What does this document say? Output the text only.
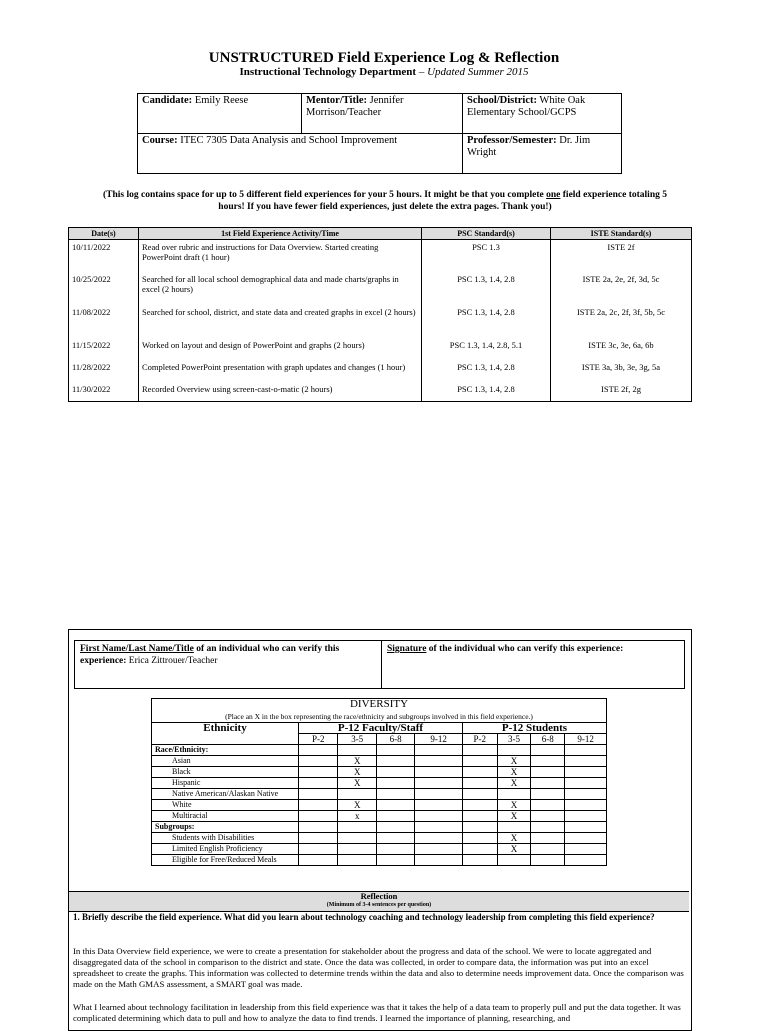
UNSTRUCTURED Field Experience Log & Reflection
Instructional Technology Department – Updated Summer 2015
Candidate: Emily Reese	Mentor/Title: Jennifer Morrison/Teacher	School/District: White Oak Elementary School/GCPS
Course: ITEC 7305 Data Analysis and School Improvement		Professor/Semester: Dr. Jim Wright
(This log contains space for up to 5 different field experiences for your 5 hours. It might be that you complete one field experience totaling 5 hours! If you have fewer field experiences, just delete the extra pages. Thank you!)
Date(s)	1st Field Experience Activity/Time	PSC Standard(s)	ISTE Standard(s)
10/11/2022	Read over rubric and instructions for Data Overview. Started creating PowerPoint draft (1 hour)	PSC 1.3	ISTE 2f
10/25/2022	Searched for all local school demographical data and made charts/graphs in excel (2 hours)	PSC 1.3, 1.4, 2.8	ISTE 2a, 2e, 2f, 3d, 5c
11/08/2022	Searched for school, district, and state data and created graphs in excel (2 hours)	PSC 1.3, 1.4, 2.8	ISTE 2a, 2c, 2f, 3f, 5b, 5c
11/15/2022	Worked on layout and design of PowerPoint and graphs (2 hours)	PSC 1.3, 1.4, 2.8, 5.1	ISTE 3c, 3e, 6a, 6b
11/28/2022	Completed PowerPoint presentation with graph updates and changes (1 hour)	PSC 1.3, 1.4, 2.8	ISTE 3a, 3b, 3e, 3g, 5a
11/30/2022	Recorded Overview using screen-cast-o-matic (2 hours)	PSC 1.3, 1.4, 2.8	ISTE 2f, 2g
First Name/Last Name/Title of an individual who can verify this experience: Erica Zittrouer/Teacher	Signature of the individual who can verify this experience:
DIVERSITY								
(Place an X in the box representing the race/ethnicity and subgroups involved in this field experience.)								
Ethnicity	P-12 Faculty/Staff				P-12 Students			
	P-2	3-5	6-8	9-12	P-2	3-5	6-8	9-12
Race/Ethnicity:								
Asian		X				X		
Black		X				X		
Hispanic		X				X		
Native American/Alaskan Native								
White		X				X		
Multiracial		x				X		
Subgroups:								
Students with Disabilities						X		
Limited English Proficiency						X		
Eligible for Free/Reduced Meals								
Reflection
(Minimum of 3-4 sentences per question)
1. Briefly describe the field experience. What did you learn about technology coaching and technology leadership from completing this field experience?
In this Data Overview field experience, we were to create a presentation for stakeholder about the progress and data of the school. We were to locate aggregated and disaggregated data of the school in comparison to the district and state. Once the data was collected, in order to compare data, the information was put into an excel spreadsheet to create the graphs. This information was collected to determine trends within the data and also to determine needs improvement data. Once the comparison was made on the Math GMAS assessment, a SMART goal was made.
What I learned about technology facilitation in leadership from this field experience was that it takes the help of a data team to properly pull and put the data together. It was complicated determining which data to pull and how to analyze the data to find trends. I learned the importance of planning, researching, and
